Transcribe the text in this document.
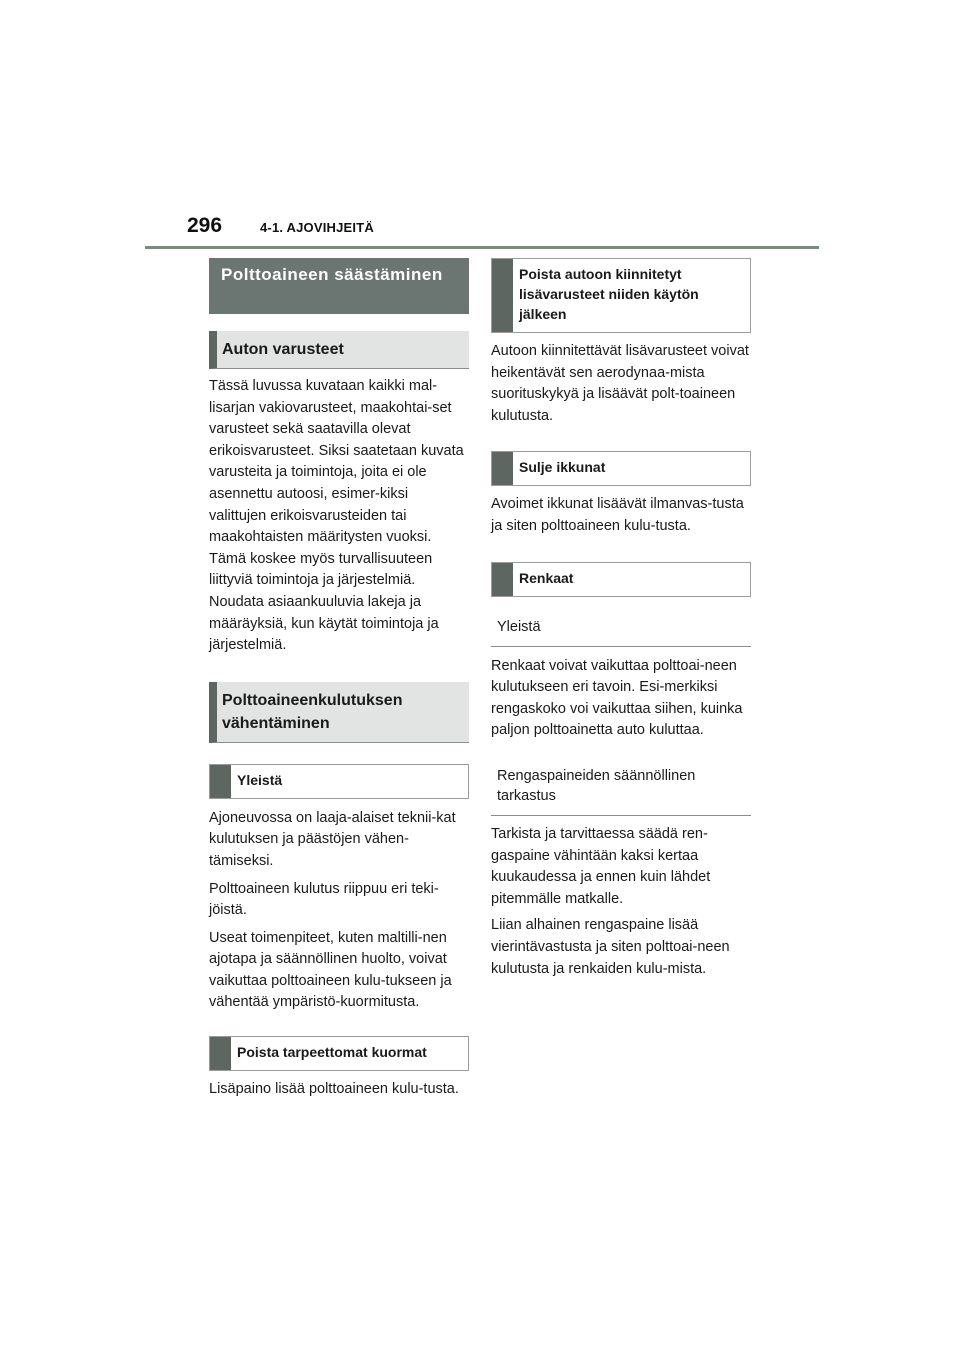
296	4-1. AJOVIHJEITÄ
Polttoaineen säästäminen
Auton varusteet

Tässä luvussa kuvataan kaikki mal-lisarjan vakiovarusteet, maakohtai-set varusteet sekä saatavilla olevat erikoisvarusteet. Siksi saatetaan kuvata varusteita ja toimintoja, joita ei ole asennettu autoosi, esimer-kiksi valittujen erikoisvarusteiden tai maakohtaisten määritysten vuoksi. Tämä koskee myös turvallisuuteen liittyviä toimintoja ja järjestelmiä. Noudata asiaankuuluvia lakeja ja määräyksiä, kun käytät toimintoja ja järjestelmiä.

Polttoaineenkulutuksen vähentäminen
Yleistä

Ajoneuvossa on laaja-alaiset teknii-kat kulutuksen ja päästöjen vähen-tämiseksi.

Polttoaineen kulutus riippuu eri teki-jöistä.

Useat toimenpiteet, kuten maltilli-nen ajotapa ja säännöllinen huolto, voivat vaikuttaa polttoaineen kulu-tukseen ja vähentää ympäristö-kuormitusta.

Poista tarpeettomat kuormat

Lisäpaino lisää polttoaineen kulu-tusta.

Poista autoon kiinnitetyt lisävarusteet niiden käytön jälkeen

Autoon kiinnitettävät lisävarusteet voivat heikentävät sen aerodynaa-mista suorituskykyä ja lisäävät polt-toaineen kulutusta.

Sulje ikkunat

Avoimet ikkunat lisäävät ilmanvas-tusta ja siten polttoaineen kulu-tusta.

Renkaat
Yleistä

Renkaat voivat vaikuttaa polttoai-neen kulutukseen eri tavoin. Esi-merkiksi rengaskoko voi vaikuttaa siihen, kuinka paljon polttoainetta auto kuluttaa.

Rengaspaineiden säännöllinen tarkastus

Tarkista ja tarvittaessa säädä ren-gaspaine vähintään kaksi kertaa kuukaudessa ja ennen kuin lähdet pitemmälle matkalle.

Liian alhainen rengaspaine lisää vierintävastusta ja siten polttoai-neen kulutusta ja renkaiden kulu-mista.
